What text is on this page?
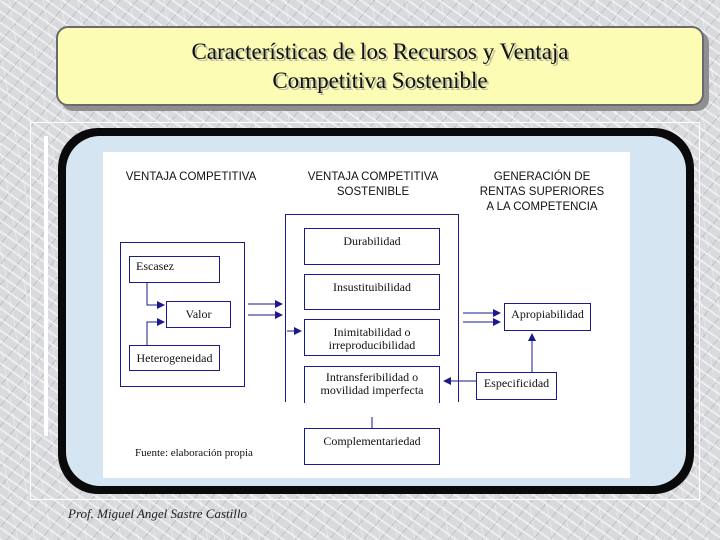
Características de los Recursos y Ventaja
Competitiva Sostenible
VENTAJA COMPETITIVA	VENTAJA COMPETITIVA
SOSTENIBLE
GENERACIÓN DE
RENTAS SUPERIORES
A LA COMPETENCIA
Escasez
Valor
Heterogeneidad
Durabilidad
Insustituibilidad
Inimitabilidad o
irreproducibilidad
Intransferibilidad o
movilidad imperfecta
Complementariedad
Apropiabilidad
Especificidad
Fuente: elaboración propia
Prof. Miguel Angel Sastre Castillo
